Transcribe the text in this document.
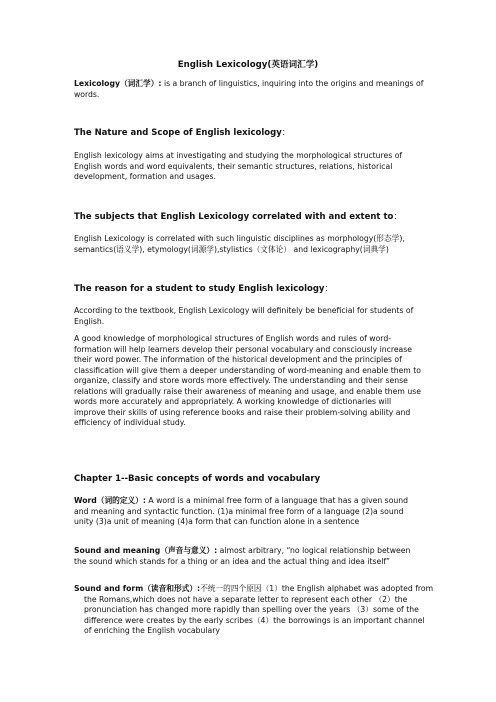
English Lexicology(英语词汇学)

Lexicology（词汇学）: is a branch of linguistics, inquiring into the origins and meanings of words.

The Nature and Scope of English lexicology：

English lexicology aims at investigating and studying the morphological structures of English words and word equivalents, their semantic structures, relations, historical development, formation and usages.

The subjects that English Lexicology correlated with and extent to：

English Lexicology is correlated with such linguistic disciplines as morphology(形态学), semantics(语义学), etymology(词源学),stylistics（文体论） and lexicography(词典学)

The reason for a student to study English lexicology：

According to the textbook, English Lexicology will definitely be beneficial for students of English.

A good knowledge of morphological structures of English words and rules of word-formation will help learners develop their personal vocabulary and consciously increase their word power. The information of the historical development and the principles of classification will give them a deeper understanding of word-meaning and enable them to organize, classify and store words more effectively. The understanding and their sense relations will gradually raise their awareness of meaning and usage, and enable them use words more accurately and appropriately. A working knowledge of dictionaries will improve their skills of using reference books and raise their problem-solving ability and efficiency of individual study.

Chapter 1--Basic concepts of words and vocabulary

Word（词的定义）: A word is a minimal free form of a language that has a given sound and meaning and syntactic function. (1)a minimal free form of a language (2)a sound unity (3)a unit of meaning (4)a form that can function alone in a sentence

Sound and meaning（声音与意义）: almost arbitrary, “no logical relationship between the sound which stands for a thing or an idea and the actual thing and idea itself”

Sound and form（读音和形式）:不统一的四个原因（1）the English alphabet was adopted from the Romans,which does not have a separate letter to represent each other （2）the pronunciation has changed more rapidly than spelling over the years （3）some of the difference were creates by the early scribes（4）the borrowings is an important channel of enriching the English vocabulary
